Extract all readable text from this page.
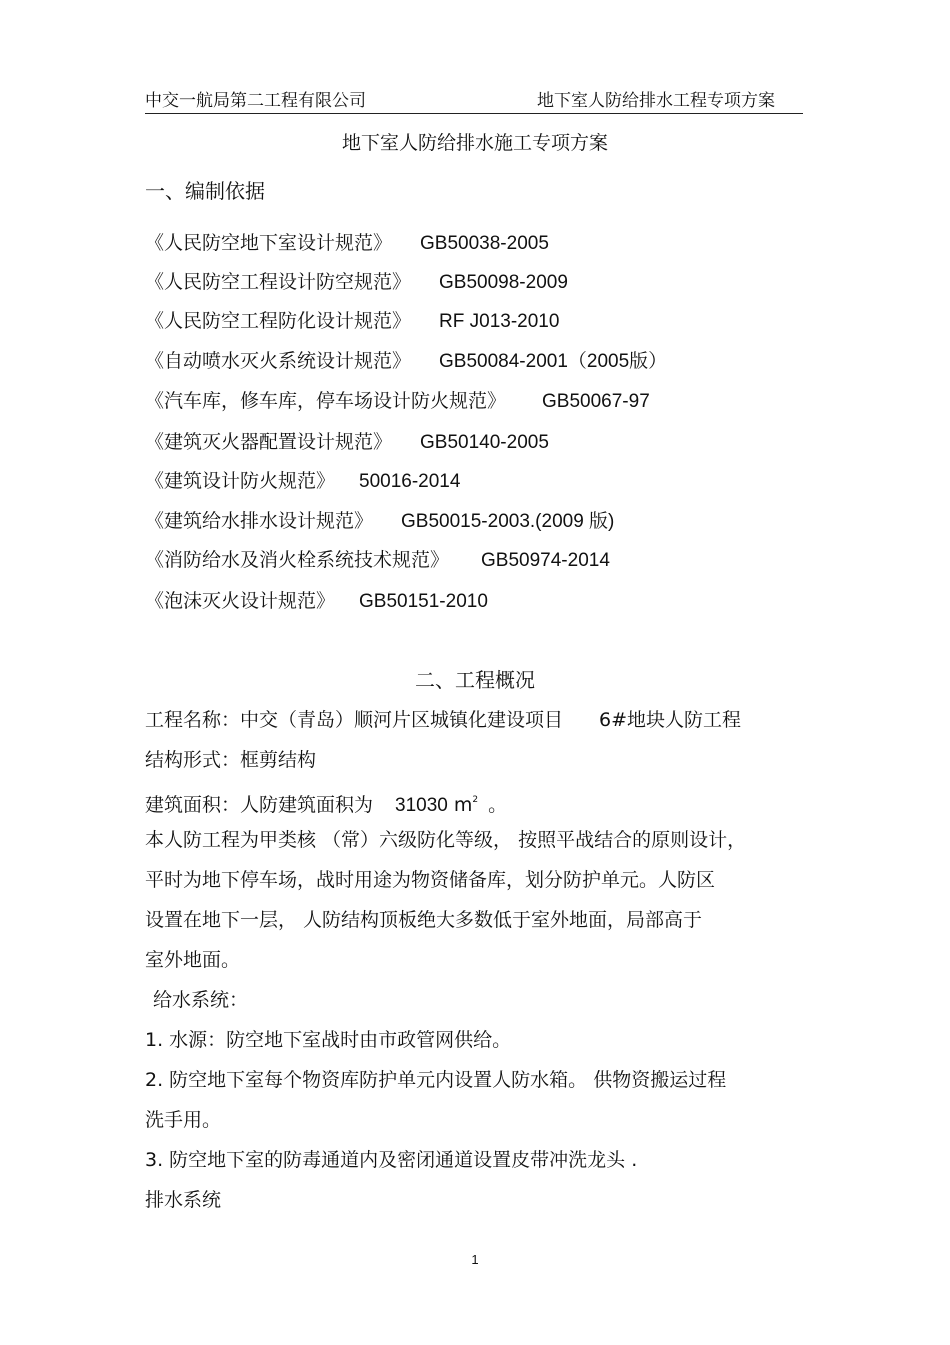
中交一航局第二工程有限公司	地下室人防给排水工程专项方案
地下室人防给排水施工专项方案
一、编制依据
《人民防空地下室设计规范》 GB50038-2005
《人民防空工程设计防空规范》 GB50098-2009
《人民防空工程防化设计规范》 RF J013-2010
《自动喷水灭火系统设计规范》 GB50084-2001（2005版）
《汽车库，修车库，停车场设计防火规范》 GB50067-97
《建筑灭火器配置设计规范》 GB50140-2005
《建筑设计防火规范》 50016-2014
《建筑给水排水设计规范》 GB50015-2003.(2009 版)
《消防给水及消火栓系统技术规范》 GB50974-2014
《泡沫灭火设计规范》 GB50151-2010
二、工程概况
工程名称：中交（青岛）顺河片区城镇化建设项目 6#地块人防工程
结构形式：框剪结构
建筑面积：人防建筑面积为 31030 $m^2$ 。
本人防工程为甲类核 （常）六级防化等级， 按照平战结合的原则设计，
平时为地下停车场，战时用途为物资储备库，划分防护单元。人防区
设置在地下一层， 人防结构顶板绝大多数低于室外地面，局部高于
室外地面。
给水系统：
1. 水源：防空地下室战时由市政管网供给。
2. 防空地下室每个物资库防护单元内设置人防水箱。 供物资搬运过程
洗手用。
3. 防空地下室的防毒通道内及密闭通道设置皮带冲洗龙头 .
排水系统
1
